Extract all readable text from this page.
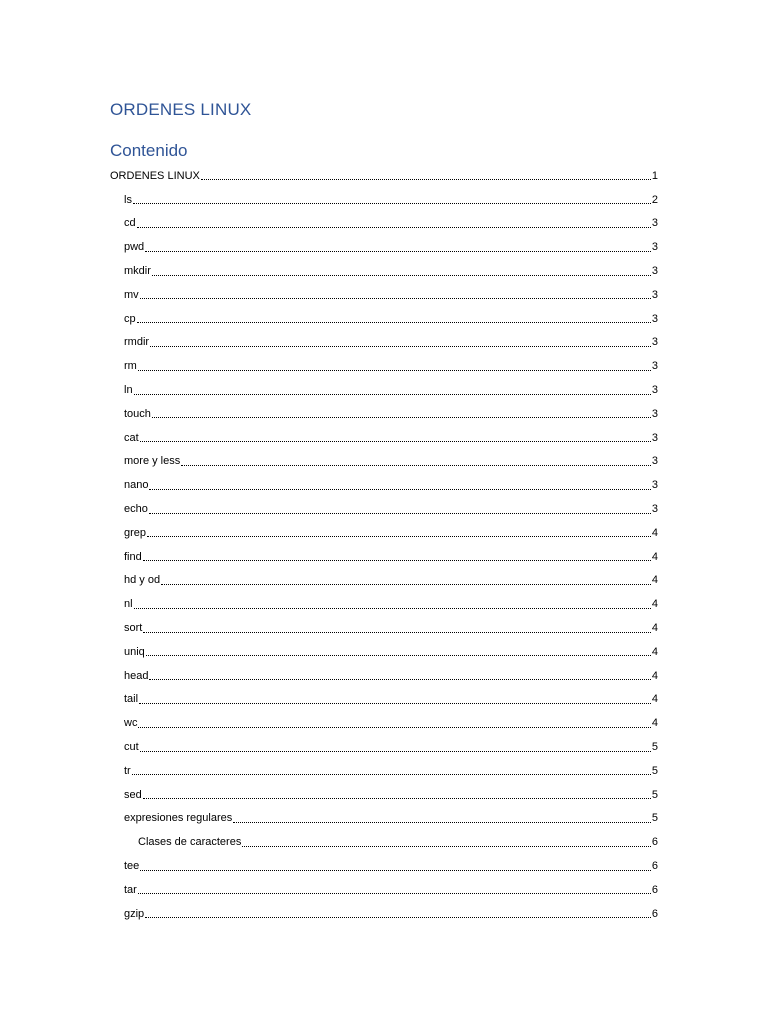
ORDENES LINUX
Contenido
ORDENES LINUX	1
ls	2
cd	3
pwd	3
mkdir	3
mv	3
cp	3
rmdir	3
rm	3
ln	3
touch	3
cat	3
more y less	3
nano	3
echo	3
grep	4
find	4
hd y od	4
nl	4
sort	4
uniq	4
head	4
tail	4
wc	4
cut	5
tr	5
sed	5
expresiones regulares	5
Clases de caracteres	6
tee	6
tar	6
gzip	6
